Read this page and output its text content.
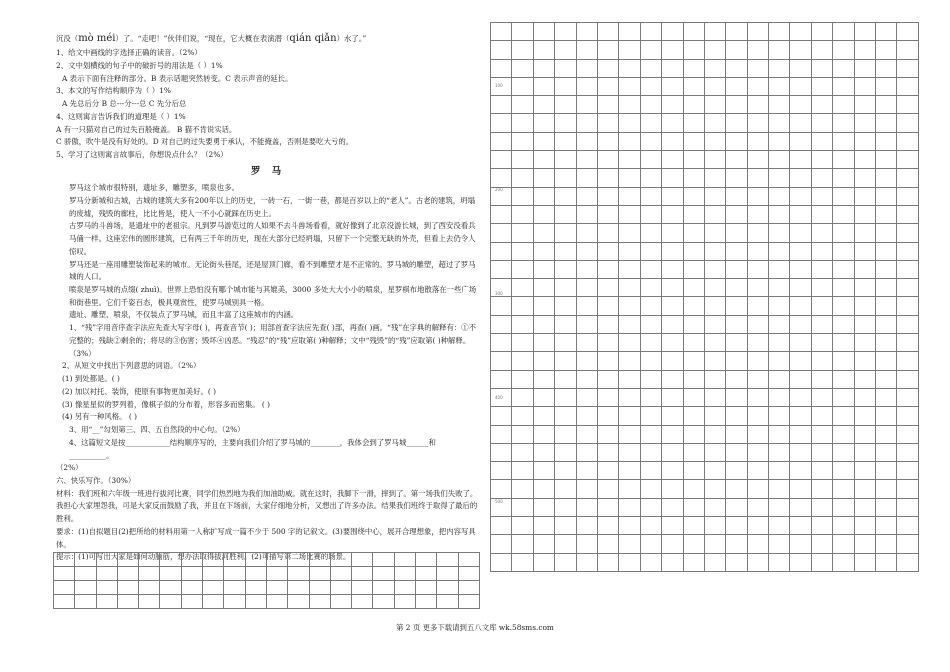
沉没（mò méi）了。“走吧！”伙伴们说，“现在，它大概在表演潜（qián qiǎn）水了。”

1、给文中画线的字选择正确的读音。（2%）

2、文中划横线的句子中的破折号的用法是（ ）1%

A 表示下面有注释的部分。B 表示话题突然转变。C 表示声音的延长。

3、本文的写作结构顺序为（ ）1%

A 先总后分 B 总---分---总 C 先分后总

4、这则寓言告诉我们的道理是（ ）1%

A 有一只猫对自己的过失百般掩盖。 B 猫不肯说实话。

C 骄傲，吹牛是没有好处的。D 对自己的过失要勇于承认，不能掩盖，否则是要吃大亏的。

5、学习了这则寓言故事后，你想说点什么？（2%）

罗 马

罗马这个城市很特别，遗址多，雕塑多，喷泉也多。

罗马分新城和古城，古城的建筑大多有200年以上的历史，一砖一石，一街一巷，都是百岁以上的“老人”。古老的建筑，坍塌的废墟，残毁的廊柱，比比皆是，使人一不小心就踩在历史上。

古罗马的斗兽场，是遗址中的老祖宗。凡到罗马游览过的人如果不去斗兽场看看，就好像到了北京没游长城，到了西安没看兵马俑一样。这座宏伟的圆形建筑，已有两三千年的历史，现在大部分已经坍塌，只留下一个完整无缺的外壳，但看上去仍令人惊叹。

罗马还是一座用雕塑装饰起来的城市。无论街头巷尾，还是屋顶门廊，看不到雕塑才是不正常的。罗马城的雕塑，超过了罗马城的人口。

喷泉是罗马城的点缀( zhuì)。世界上恐怕没有哪个城市能与其媲美，3000 多处大大小小的喷泉，星罗棋布地散落在一些广场和街巷里。它们千姿百态，极具观赏性，使罗马城别具一格。

遗址、雕塑、喷泉，不仅装点了罗马城，而且丰富了这座城市的内涵。

1、“残”字用音序查字法应先查大写字母( )，再查音节( )；用部首查字法应先查( )部，再查( )画。“残”在字典的解释有：①不完整的；残缺②剩余的；将尽的③伤害；毁坏④凶恶。“残忍”的“残”应取第( )种解释；文中“残毁”的“残”应取第( )种解释。（3%）

2、从短文中找出下列意思的词语。（2%）

(1) 到处都是。( )

(2) 加以衬托、装饰，使原有事物更加美好。( )

(3) 像星星似的罗列着，像棋子似的分布着，形容多而密集。 ( )

(4) 另有一种风格。 ( )

3、用“__”勾划第三、四、五自然段的中心句。（2%）

4、这篇短文是按____________结构顺序写的，主要向我们介绍了罗马城的________，我体会到了罗马城______和__________。

（2%）

六、快乐写作。（30%）

材料：我们班和六年级一班进行拔河比赛，同学们热烈地为我们加油助威。就在这时，我脚下一滑，摔到了。第一场我们失败了。我担心大家埋怨我，可是大家反而鼓励了我，并且在下场前，大家仔细地分析，又想出了许多办法。结果我们班终于取得了最后的胜利。

要求：(1)自拟题目(2)把所给的材料用第一人称扩写成一篇不少于 500 字的记叙文。(3)要围绕中心，展开合理想象，把内容写具体。

提示：(1)可写出大家是如何动脑筋，想办法取得拔河胜利。(2)可描写第二场比赛的场景。

100
200
300
400
500
第 2 页 更多下载请到五八文库 wk.58sms.com
